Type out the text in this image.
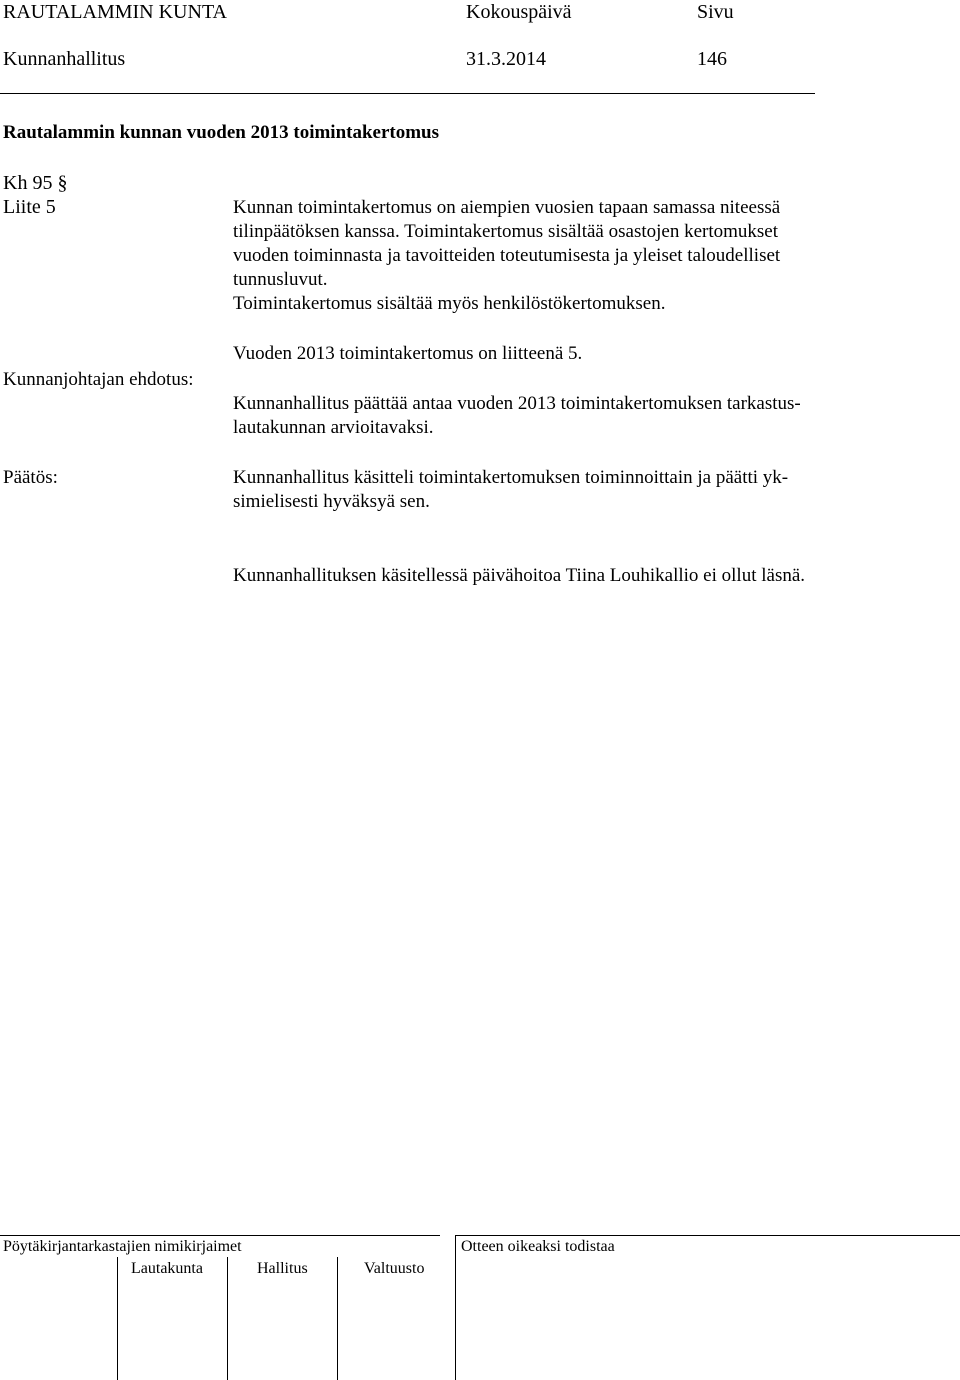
RAUTALAMMIN KUNTA	Kokouspäivä	Sivu
Kunnanhallitus	31.3.2014	146
Rautalammin kunnan vuoden 2013 toimintakertomus
Kh 95 §
Liite 5	Kunnan toimintakertomus on aiempien vuosien tapaan samassa niteessä
tilinpäätöksen kanssa. Toimintakertomus sisältää osastojen kertomukset
vuoden toiminnasta ja tavoitteiden toteutumisesta ja yleiset taloudelliset
tunnusluvut.
Toimintakertomus sisältää myös henkilöstökertomuksen.
Vuoden 2013 toimintakertomus on liitteenä 5.
Kunnanjohtajan ehdotus:
Kunnanhallitus päättää antaa vuoden 2013 toimintakertomuksen tarkastus-
lautakunnan arvioitavaksi.
Päätös:	Kunnanhallitus käsitteli toimintakertomuksen toiminnoittain ja päätti yk-
simielisesti hyväksyä sen.
Kunnanhallituksen käsitellessä päivähoitoa Tiina Louhikallio ei ollut läsnä.
Pöytäkirjantarkastajien nimikirjaimet	Otteen oikeaksi todistaa
Lautakunta	Hallitus	Valtuusto
